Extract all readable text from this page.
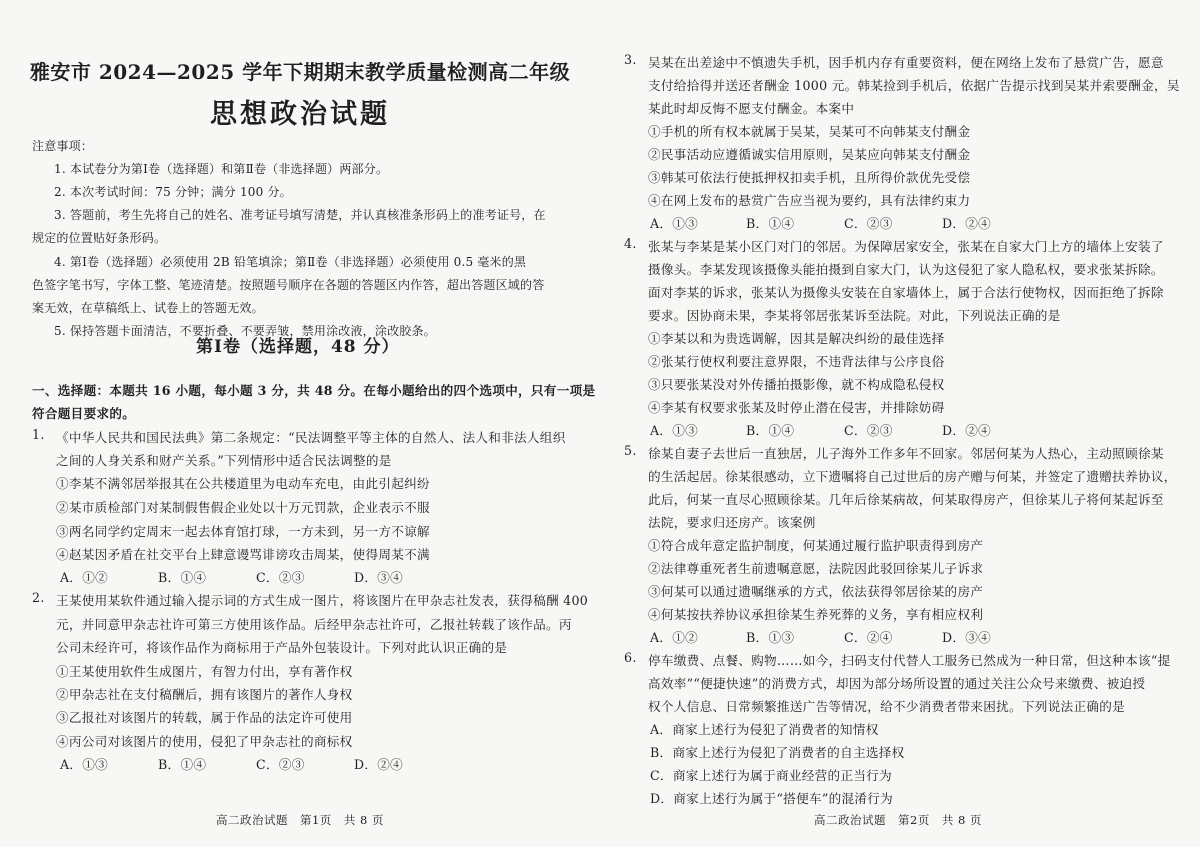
雅安市 2024—2025 学年下期期末教学质量检测高二年级
思想政治试题
注意事项：
1. 本试卷分为第Ⅰ卷（选择题）和第Ⅱ卷（非选择题）两部分。
2. 本次考试时间：75 分钟；满分 100 分。
3. 答题前，考生先将自己的姓名、准考证号填写清楚，并认真核准条形码上的准考证号，在
规定的位置贴好条形码。
4. 第Ⅰ卷（选择题）必须使用 2B 铅笔填涂；第Ⅱ卷（非选择题）必须使用 0.5 毫米的黑
色签字笔书写，字体工整、笔迹清楚。按照题号顺序在各题的答题区内作答，超出答题区域的答
案无效，在草稿纸上、试卷上的答题无效。
5. 保持答题卡面清洁，不要折叠、不要弄皱，禁用涂改液，涂改胶条。
第Ⅰ卷（选择题，48 分）
一、选择题：本题共 16 小题，每小题 3 分，共 48 分。在每小题给出的四个选项中，只有一项是
符合题目要求的。
1. 《中华人民共和国民法典》第二条规定：“民法调整平等主体的自然人、法人和非法人组织
之间的人身关系和财产关系。”下列情形中适合民法调整的是
①李某不满邻居举报其在公共楼道里为电动车充电，由此引起纠纷
②某市质检部门对某制假售假企业处以十万元罚款，企业表示不服
③两名同学约定周末一起去体育馆打球，一方未到，另一方不谅解
④赵某因矛盾在社交平台上肆意谩骂诽谤攻击周某，使得周某不满
A．①②	B．①④	C．②③	D．③④
2. 王某使用某软件通过输入提示词的方式生成一图片，将该图片在甲杂志社发表，获得稿酬 400
元，并同意甲杂志社许可第三方使用该作品。后经甲杂志社许可，乙报社转载了该作品。丙
公司未经许可，将该作品作为商标用于产品外包装设计。下列对此认识正确的是
①王某使用软件生成图片，有智力付出，享有著作权
②甲杂志社在支付稿酬后，拥有该图片的著作人身权
③乙报社对该图片的转载，属于作品的法定许可使用
④丙公司对该图片的使用，侵犯了甲杂志社的商标权
A．①③	B．①④	C．②③	D．②④
高二政治试题　第1页　共 8 页
3. 吴某在出差途中不慎遗失手机，因手机内存有重要资料，便在网络上发布了悬赏广告，愿意
支付给拾得并送还者酬金 1000 元。韩某捡到手机后，依据广告提示找到吴某并索要酬金，吴
某此时却反悔不愿支付酬金。本案中
①手机的所有权本就属于吴某，吴某可不向韩某支付酬金
②民事活动应遵循诚实信用原则，吴某应向韩某支付酬金
③韩某可依法行使抵押权扣卖手机，且所得价款优先受偿
④在网上发布的悬赏广告应当视为要约，具有法律约束力
A．①③	B．①④	C．②③	D．②④
4. 张某与李某是某小区门对门的邻居。为保障居家安全，张某在自家大门上方的墙体上安装了
摄像头。李某发现该摄像头能拍摄到自家大门，认为这侵犯了家人隐私权，要求张某拆除。
面对李某的诉求，张某认为摄像头安装在自家墙体上，属于合法行使物权，因而拒绝了拆除
要求。因协商未果，李某将邻居张某诉至法院。对此，下列说法正确的是
①李某以和为贵选调解，因其是解决纠纷的最佳选择
②张某行使权利要注意界限，不违背法律与公序良俗
③只要张某没对外传播拍摄影像，就不构成隐私侵权
④李某有权要求张某及时停止潜在侵害，并排除妨碍
A．①③	B．①④	C．②③	D．②④
5. 徐某自妻子去世后一直独居，儿子海外工作多年不回家。邻居何某为人热心，主动照顾徐某
的生活起居。徐某很感动，立下遗嘱将自己过世后的房产赠与何某，并签定了遗赠扶养协议，
此后，何某一直尽心照顾徐某。几年后徐某病故，何某取得房产，但徐某儿子将何某起诉至
法院，要求归还房产。该案例
①符合成年意定监护制度，何某通过履行监护职责得到房产
②法律尊重死者生前遗嘱意愿，法院因此驳回徐某儿子诉求
③何某可以通过遗嘱继承的方式，依法获得邻居徐某的房产
④何某按扶养协议承担徐某生养死葬的义务，享有相应权利
A．①②	B．①③	C．②④	D．③④
6. 停车缴费、点餐、购物……如今，扫码支付代替人工服务已然成为一种日常，但这种本该“提
高效率”“便捷快速”的消费方式，却因为部分场所设置的通过关注公众号来缴费、被迫授
权个人信息、日常频繁推送广告等情况，给不少消费者带来困扰。下列说法正确的是
A．商家上述行为侵犯了消费者的知情权
B．商家上述行为侵犯了消费者的自主选择权
C．商家上述行为属于商业经营的正当行为
D．商家上述行为属于“搭便车”的混淆行为
高二政治试题　第2页　共 8 页
